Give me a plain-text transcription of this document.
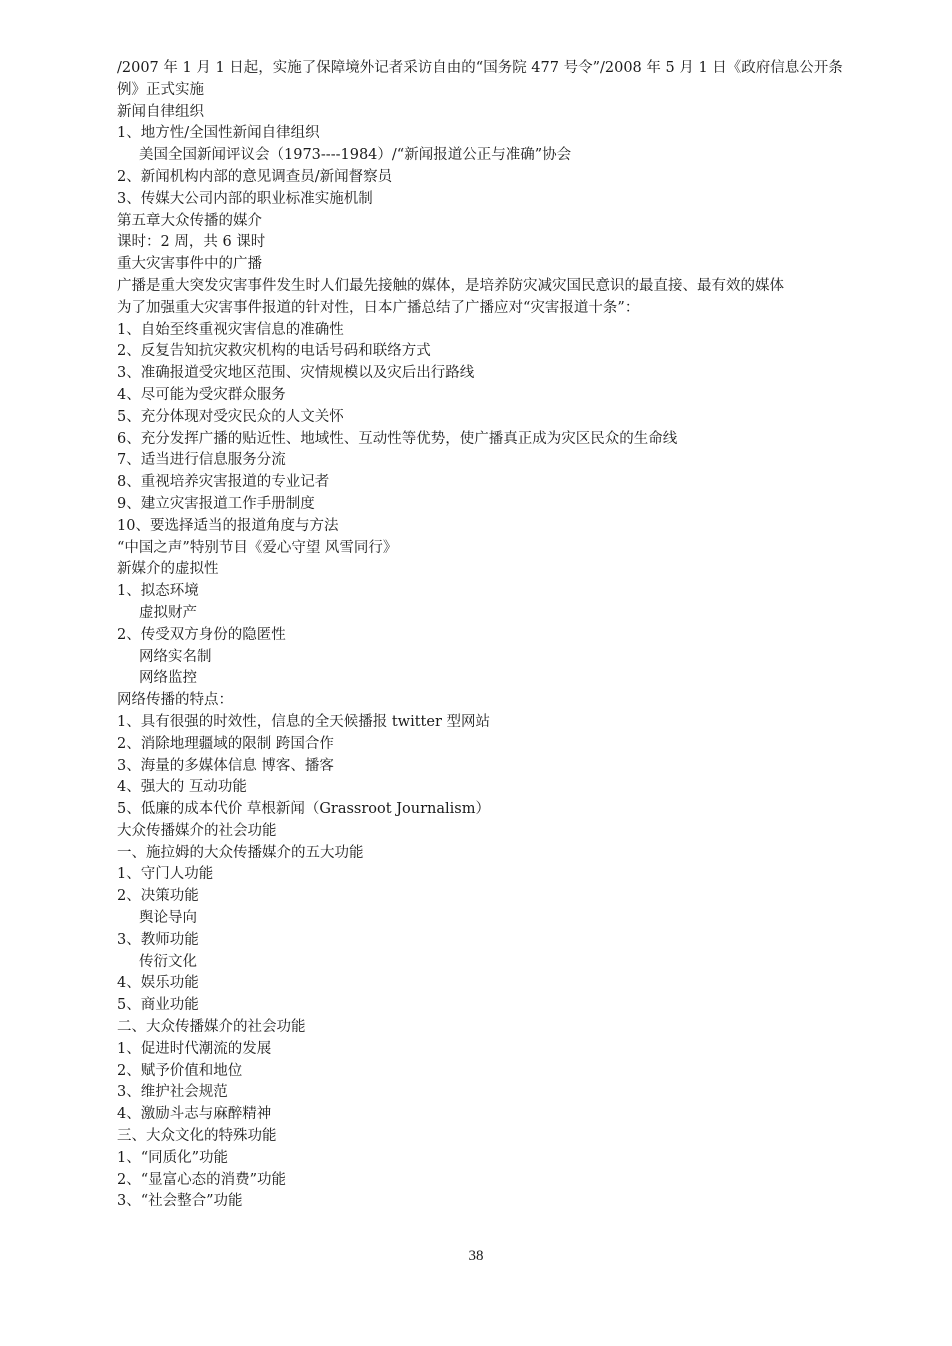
/2007 年 1 月 1 日起，实施了保障境外记者采访自由的“国务院 477 号令”/2008 年 5 月 1 日《政府信息公开条例》正式实施
新闻自律组织
1、地方性/全国性新闻自律组织
美国全国新闻评议会（1973----1984）/“新闻报道公正与准确”协会
2、新闻机构内部的意见调查员/新闻督察员
3、传媒大公司内部的职业标准实施机制
第五章大众传播的媒介
课时：2 周，共 6 课时
重大灾害事件中的广播
广播是重大突发灾害事件发生时人们最先接触的媒体，是培养防灾减灾国民意识的最直接、最有效的媒体
为了加强重大灾害事件报道的针对性，日本广播总结了广播应对“灾害报道十条”：
1、自始至终重视灾害信息的准确性
2、反复告知抗灾救灾机构的电话号码和联络方式
3、准确报道受灾地区范围、灾情规模以及灾后出行路线
4、尽可能为受灾群众服务
5、充分体现对受灾民众的人文关怀
6、充分发挥广播的贴近性、地域性、互动性等优势，使广播真正成为灾区民众的生命线
7、适当进行信息服务分流
8、重视培养灾害报道的专业记者
9、建立灾害报道工作手册制度
10、要选择适当的报道角度与方法
“中国之声”特别节目《爱心守望 风雪同行》
新媒介的虚拟性
1、拟态环境
虚拟财产
2、传受双方身份的隐匿性
网络实名制
网络监控
网络传播的特点：
1、具有很强的时效性，信息的全天候播报 twitter 型网站
2、消除地理疆域的限制 跨国合作
3、海量的多媒体信息 博客、播客
4、强大的 互动功能
5、低廉的成本代价 草根新闻（Grassroot Journalism）
大众传播媒介的社会功能
一、施拉姆的大众传播媒介的五大功能
1、守门人功能
2、决策功能
舆论导向
3、教师功能
传衍文化
4、娱乐功能
5、商业功能
二、大众传播媒介的社会功能
1、促进时代潮流的发展
2、赋予价值和地位
3、维护社会规范
4、激励斗志与麻醉精神
三、大众文化的特殊功能
1、“同质化”功能
2、“显富心态的消费”功能
3、“社会整合”功能
38
